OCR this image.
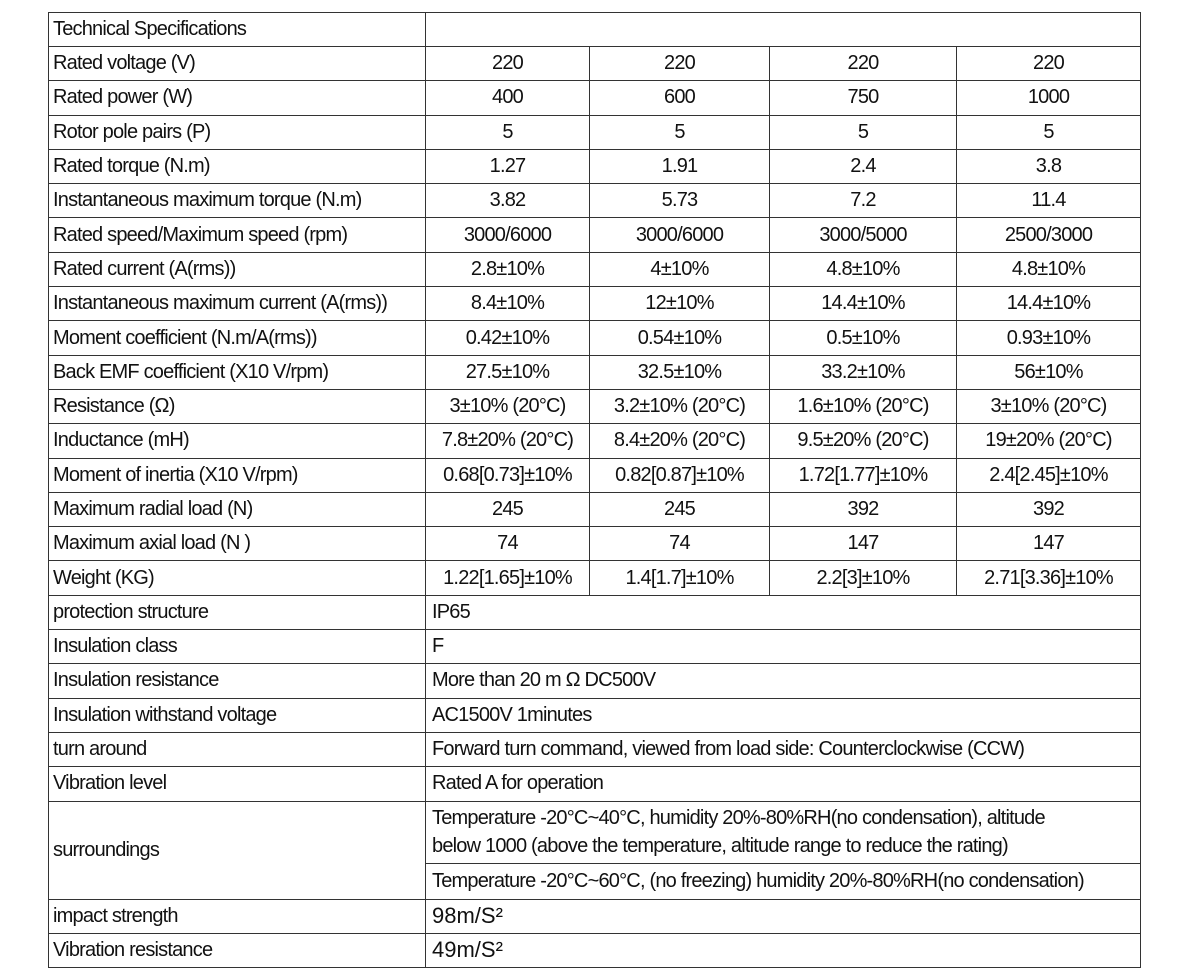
Technical Specifications				
Rated voltage (V)	220	220	220	220
Rated power (W)	400	600	750	1000
Rotor pole pairs (P)	5	5	5	5
Rated torque (N.m)	1.27	1.91	2.4	3.8
Instantaneous maximum torque (N.m)	3.82	5.73	7.2	11.4
Rated speed/Maximum speed (rpm)	3000/6000	3000/6000	3000/5000	2500/3000
Rated current (A(rms))	2.8±10%	4±10%	4.8±10%	4.8±10%
Instantaneous maximum current (A(rms))	8.4±10%	12±10%	14.4±10%	14.4±10%
Moment coefficient (N.m/A(rms))	0.42±10%	0.54±10%	0.5±10%	0.93±10%
Back EMF coefficient (X10 V/rpm)	27.5±10%	32.5±10%	33.2±10%	56±10%
Resistance (Ω)	3±10% (20°C)	3.2±10% (20°C)	1.6±10% (20°C)	3±10% (20°C)
Inductance (mH)	7.8±20% (20°C)	8.4±20% (20°C)	9.5±20% (20°C)	19±20% (20°C)
Moment of inertia (X10 V/rpm)	0.68[0.73]±10%	0.82[0.87]±10%	1.72[1.77]±10%	2.4[2.45]±10%
Maximum radial load (N)	245	245	392	392
Maximum axial load (N )	74	74	147	147
Weight (KG)	1.22[1.65]±10%	1.4[1.7]±10%	2.2[3]±10%	2.71[3.36]±10%
protection structure	IP65			
Insulation class	F			
Insulation resistance	More than 20 m Ω DC500V			
Insulation withstand voltage	AC1500V 1minutes			
turn around	Forward turn command, viewed from load side: Counterclockwise (CCW)			
Vibration level	Rated A for operation			
surroundings	Temperature -20°C~40°C, humidity 20%-80%RH(no condensation), altitude
below 1000 (above the temperature, altitude range to reduce the rating)			

	Temperature -20°C~60°C, (no freezing) humidity 20%-80%RH(no condensation)			
impact strength	98m/S²			
Vibration resistance	49m/S²			
